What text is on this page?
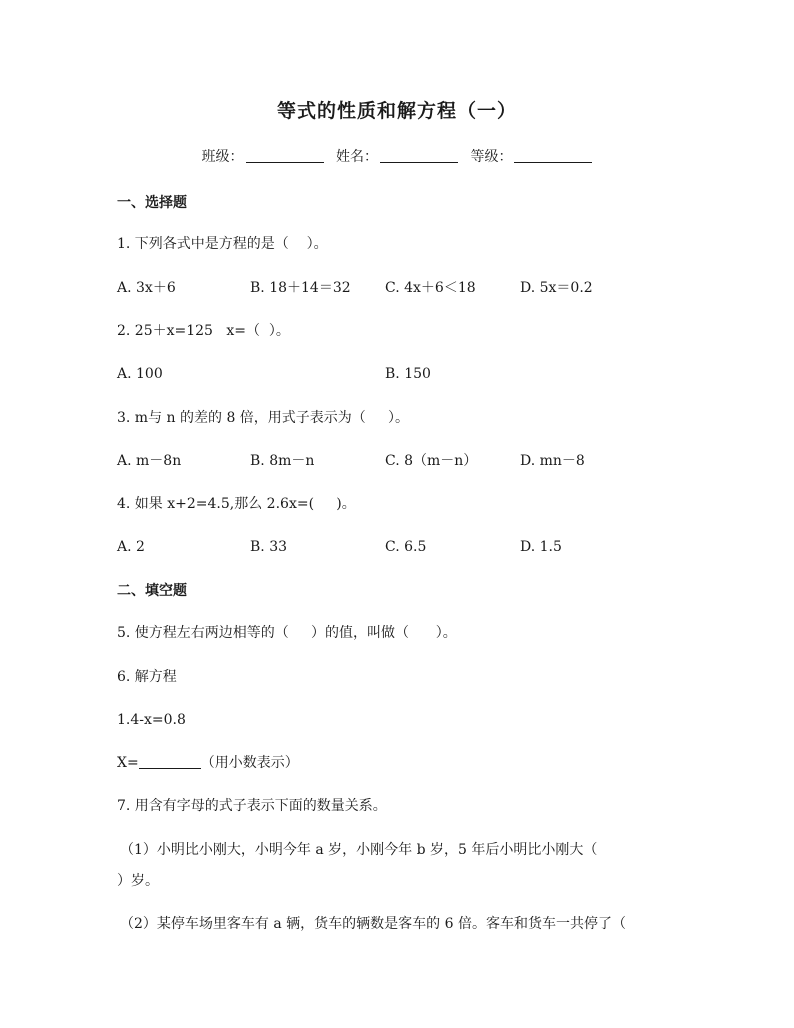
等式的性质和解方程（一）
班级：	姓名：	等级：
一、选择题
1. 下列各式中是方程的是（    ）。
A. 3x＋6	B. 18＋14＝32 C. 4x＋6＜18	D. 5x＝0.2
2. 25＋x=125   x=（  ）。
A. 100	B. 150
3. m与 n 的差的 8 倍，用式子表示为（     ）。
A. m－8n	B. 8m－n	C. 8（m－n）	D. mn－8
4. 如果 x+2=4.5,那么 2.6x=(     )。
A. 2	B. 33	C. 6.5	D. 1.5
二、填空题
5. 使方程左右两边相等的（     ）的值，叫做（      ）。
6. 解方程
1.4-x=0.8
X=	（用小数表示）
7. 用含有字母的式子表示下面的数量关系。
（1）小明比小刚大，小明今年 a 岁，小刚今年 b 岁，5 年后小明比小刚大（
）岁。
（2）某停车场里客车有 a 辆，货车的辆数是客车的 6 倍。客车和货车一共停了（
